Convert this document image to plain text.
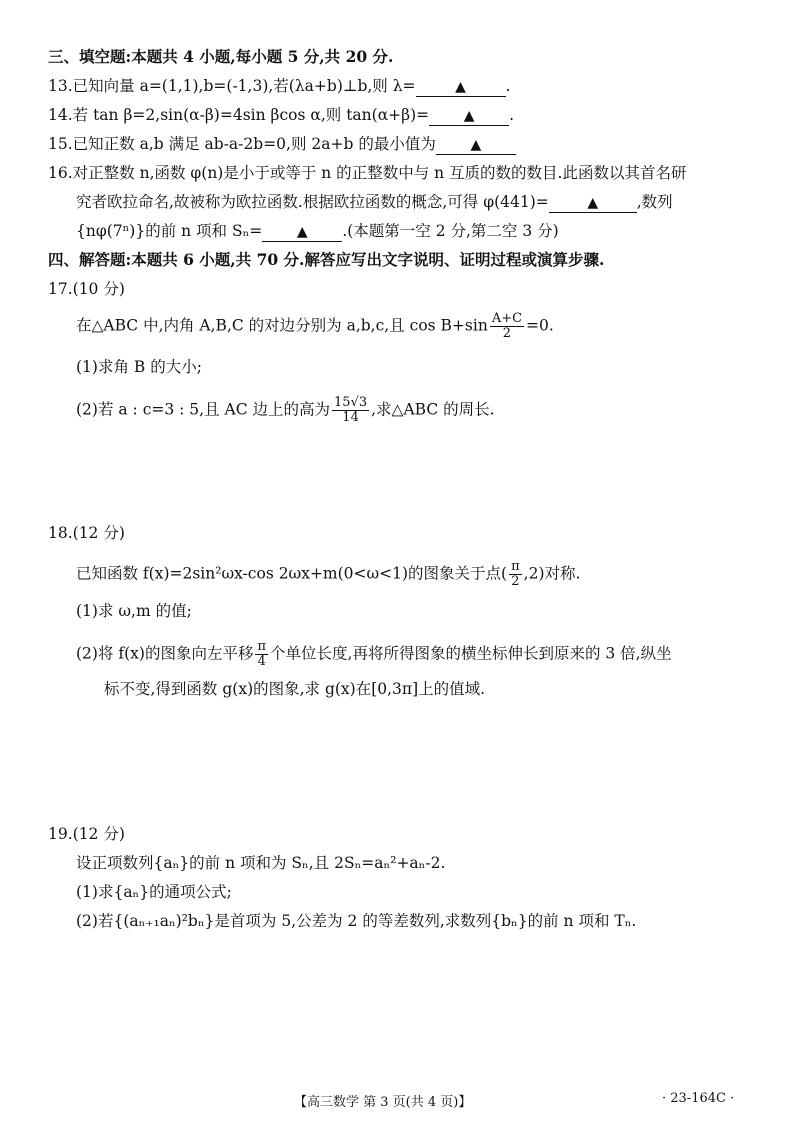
三、填空题:本题共 4 小题,每小题 5 分,共 20 分.
13.已知向量 a=(1,1),b=(-1,3),若(λa+b)⊥b,则 λ=	▲	.
14.若 tan β=2,sin(α-β)=4sin βcos α,则 tan(α+β)= ▲ .
15.已知正数 a,b 满足 ab-a-2b=0,则 2a+b 的最小值为 ▲
16.对正整数 n,函数 φ(n)是小于或等于 n 的正整数中与 n 互质的数的数目.此函数以其首名研
究者欧拉命名,故被称为欧拉函数.根据欧拉函数的概念,可得 φ(441)=	▲ ,数列
{nφ(7ⁿ)}的前 n 项和 Sₙ= ▲ .(本题第一空 2 分,第二空 3 分)
四、解答题:本题共 6 小题,共 70 分.解答应写出文字说明、证明过程或演算步骤.
17.(10 分)
在△ABC 中,内角 A,B,C 的对边分别为 a,b,c,且 $\cos B+\sin \frac{A+C}{2} =0$.
(1)求角 B 的大小;
(2)若 a : c=3 : 5,且 AC 边上的高为 $\frac{15√3}{14}$ ,求△ABC 的周长.
18.(12 分)
已知函数 f(x)=2sin²ωx-cos 2ωx+m(0<ω<1)的图象关于点( $\frac{\pi}{2} ,2$)对称.
(1)求 ω,m 的值;
(2)将 f(x)的图象向左平移 $\frac{\pi}{4}$ 个单位长度,再将所得图象的横坐标伸长到原来的 3 倍,纵坐
标不变,得到函数 g(x)的图象,求 g(x)在[0,3π]上的值域.
19.(12 分)
设正项数列{aₙ}的前 n 项和为 Sₙ,且 2Sₙ=aₙ²+aₙ-2.
(1)求{aₙ}的通项公式;
(2)若{(aₙ₊₁aₙ)²bₙ}是首项为 5,公差为 2 的等差数列,求数列{bₙ}的前 n 项和 Tₙ.
【高三数学 第 3 页(共 4 页)】	· 23-164C ·
